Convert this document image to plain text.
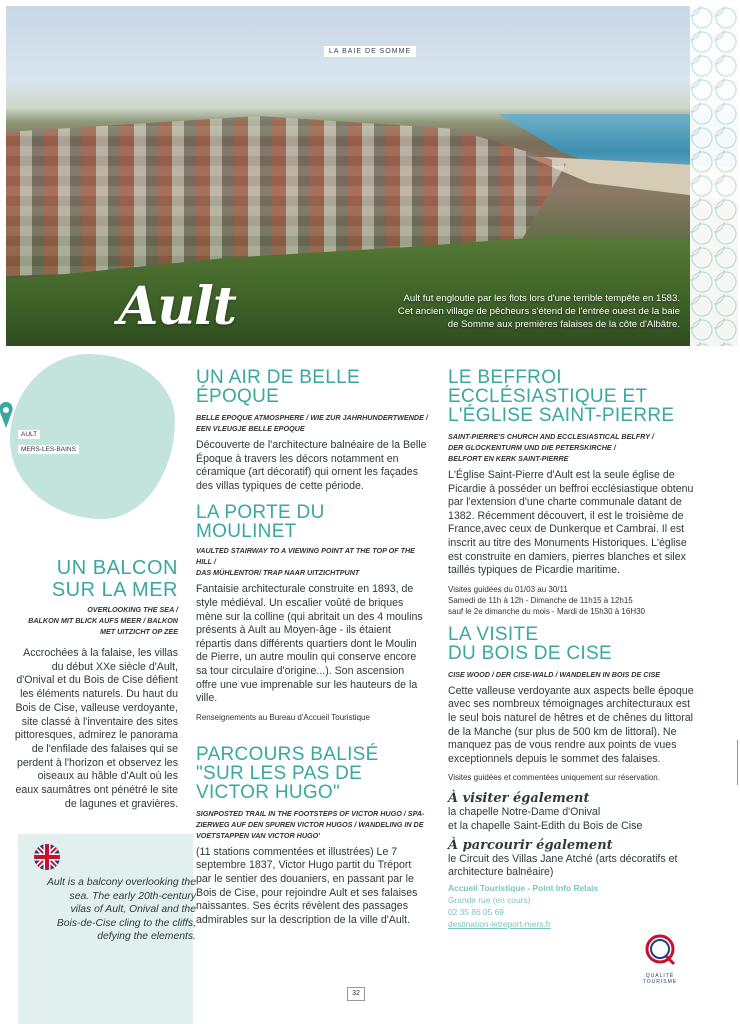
LA BAIE DE SOMME
Ault	Ault fut engloutie par les flots lors d'une terrible tempête en 1583.
Cet ancien village de pêcheurs s'étend de l'entrée ouest de la baie
de Somme aux premières falaises de la côte d'Albâtre.
AULT
MERS-LES-BAINS
UN BALCON
SUR LA MER
OVERLOOKING THE SEA /
BALKON MIT BLICK AUFS MEER / BALKON
MET UITZICHT OP ZEE
Accrochées à la falaise, les villas du début XXe siècle d'Ault, d'Onival et du Bois de Cise défient les éléments naturels. Du haut du Bois de Cise, valleuse verdoyante, site classé à l'inventaire des sites pittoresques, admirez le panorama de l'enfilade des falaises qui se perdent à l'horizon et observez les oiseaux au hâble d'Ault où les eaux saumâtres ont pénétré le site de lagunes et gravières.
Ault is a balcony overlooking the sea. The early 20th-century vilas of Ault, Onival and the Bois-de-Cise cling to the cliffs, defying the elements.
UN AIR DE BELLE
ÉPOQUE
BELLE EPOQUE ATMOSPHERE / WIE ZUR JAHRHUNDERTWENDE /
EEN VLEUGJE BELLE EPOQUE
Découverte de l'architecture balnéaire de la Belle Époque à travers les décors notamment en céramique (art décoratif) qui ornent les façades des villas typiques de cette période.
LA PORTE DU
MOULINET
VAULTED STAIRWAY TO A VIEWING POINT AT THE TOP OF THE HILL /
DAS MÜHLENTOR/ TRAP NAAR UITZICHTPUNT
Fantaisie architecturale construite en 1893, de style médiéval. Un escalier voûté de briques mène sur la colline (qui abritait un des 4 moulins présents à Ault au Moyen-âge - ils étaient répartis dans différents quartiers dont le Moulin de Pierre, un autre moulin qui conserve encore sa tour circulaire d'origine...). Son ascension offre une vue imprenable sur les hauteurs de la ville.
Renseignements au Bureau d'Accueil Touristique
PARCOURS BALISÉ
"SUR LES PAS DE
VICTOR HUGO"
SIGNPOSTED TRAIL IN THE FOOTSTEPS OF VICTOR HUGO / SPA-
ZIERWEG AUF DEN SPUREN VICTOR HUGOS / WANDELING IN DE
VOETSTAPPEN VAN VICTOR HUGO'
(11 stations commentées et illustrées) Le 7 septembre 1837, Victor Hugo partit du Tréport par le sentier des douaniers, en passant par le Bois de Cise, pour rejoindre Ault et ses falaises naissantes. Ses écrits révèlent des passages admirables sur la description de la ville d'Ault.
LE BEFFROI
ECCLÉSIASTIQUE ET
L'ÉGLISE SAINT-PIERRE
SAINT-PIERRE'S CHURCH AND ECCLESIASTICAL BELFRY /
DER GLOCKENTURM UND DIE PETERSKIRCHE /
BELFORT EN KERK SAINT-PIERRE
L'Église Saint-Pierre d'Ault est la seule église de Picardie à posséder un beffroi ecclésiastique obtenu par l'extension d'une charte communale datant de 1382. Récemment découvert, il est le troisième de France,avec ceux de Dunkerque et Cambrai. Il est inscrit au titre des Monuments Historiques. L'église est construite en damiers, pierres blanches et silex taillés typiques de Picardie maritime.
Visites guidées du 01/03 au 30/11
Samedi de 11h à 12h - Dimanche de 11h15 à 12h15
sauf le 2e dimanche du mois - Mardi de 15h30 à 16H30
LA VISITE
DU BOIS DE CISE
CISE WOOD / DER CISE-WALD / WANDELEN IN BOIS DE CISE
Cette valleuse verdoyante aux aspects belle époque avec ses nombreux témoignages architecturaux est le seul bois naturel de hêtres et de chênes du littoral de la Manche (sur plus de 500 km de littoral). Ne manquez pas de vous rendre aux points de vues exceptionnels depuis le sommet des falaises.
Visites guidées et commentées uniquement sur réservation.
À visiter également
la chapelle Notre-Dame d'Onival
et la chapelle Saint-Edith du Bois de Cise
À parcourir également
le Circuit des Villas Jane Atché (arts décoratifs et architecture balnéaire)
Accueil Touristique - Point Info Relais
Grande rue (en cours)
02 35 86 05 69
destination-letreport-mers.fr
QUALITÉ
TOURISME
32
